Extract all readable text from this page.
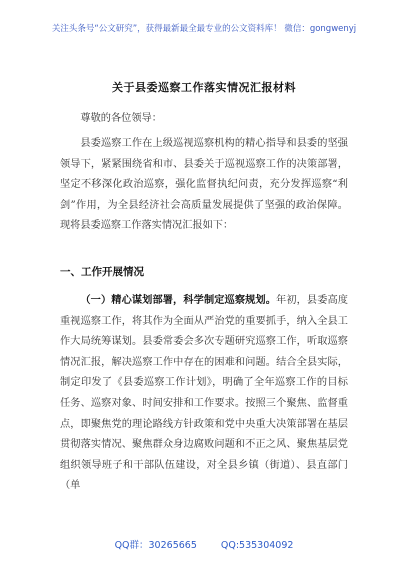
关注头条号“公文研究”，获得最新最全最专业的公文资料库！ 微信：gongwenyj
关于县委巡察工作落实情况汇报材料
尊敬的各位领导：
县委巡察工作在上级巡视巡察机构的精心指导和县委的坚强领导下，紧紧围绕省和市、县委关于巡视巡察工作的决策部署，坚定不移深化政治巡察，强化监督执纪问责，充分发挥巡察“利剑”作用，为全县经济社会高质量发展提供了坚强的政治保障。现将县委巡察工作落实情况汇报如下：
一、工作开展情况
（一）精心谋划部署，科学制定巡察规划。年初，县委高度重视巡察工作，将其作为全面从严治党的重要抓手，纳入全县工作大局统筹谋划。县委常委会多次专题研究巡察工作，听取巡察情况汇报，解决巡察工作中存在的困难和问题。结合全县实际，制定印发了《县委巡察工作计划》，明确了全年巡察工作的目标任务、巡察对象、时间安排和工作要求。按照三个聚焦、监督重点，即聚焦党的理论路线方针政策和党中央重大决策部署在基层贯彻落实情况、聚焦群众身边腐败问题和不正之风、聚焦基层党组织领导班子和干部队伍建设，对全县乡镇（街道）、县直部门（单
QQ群：30265665	QQ:535304092
